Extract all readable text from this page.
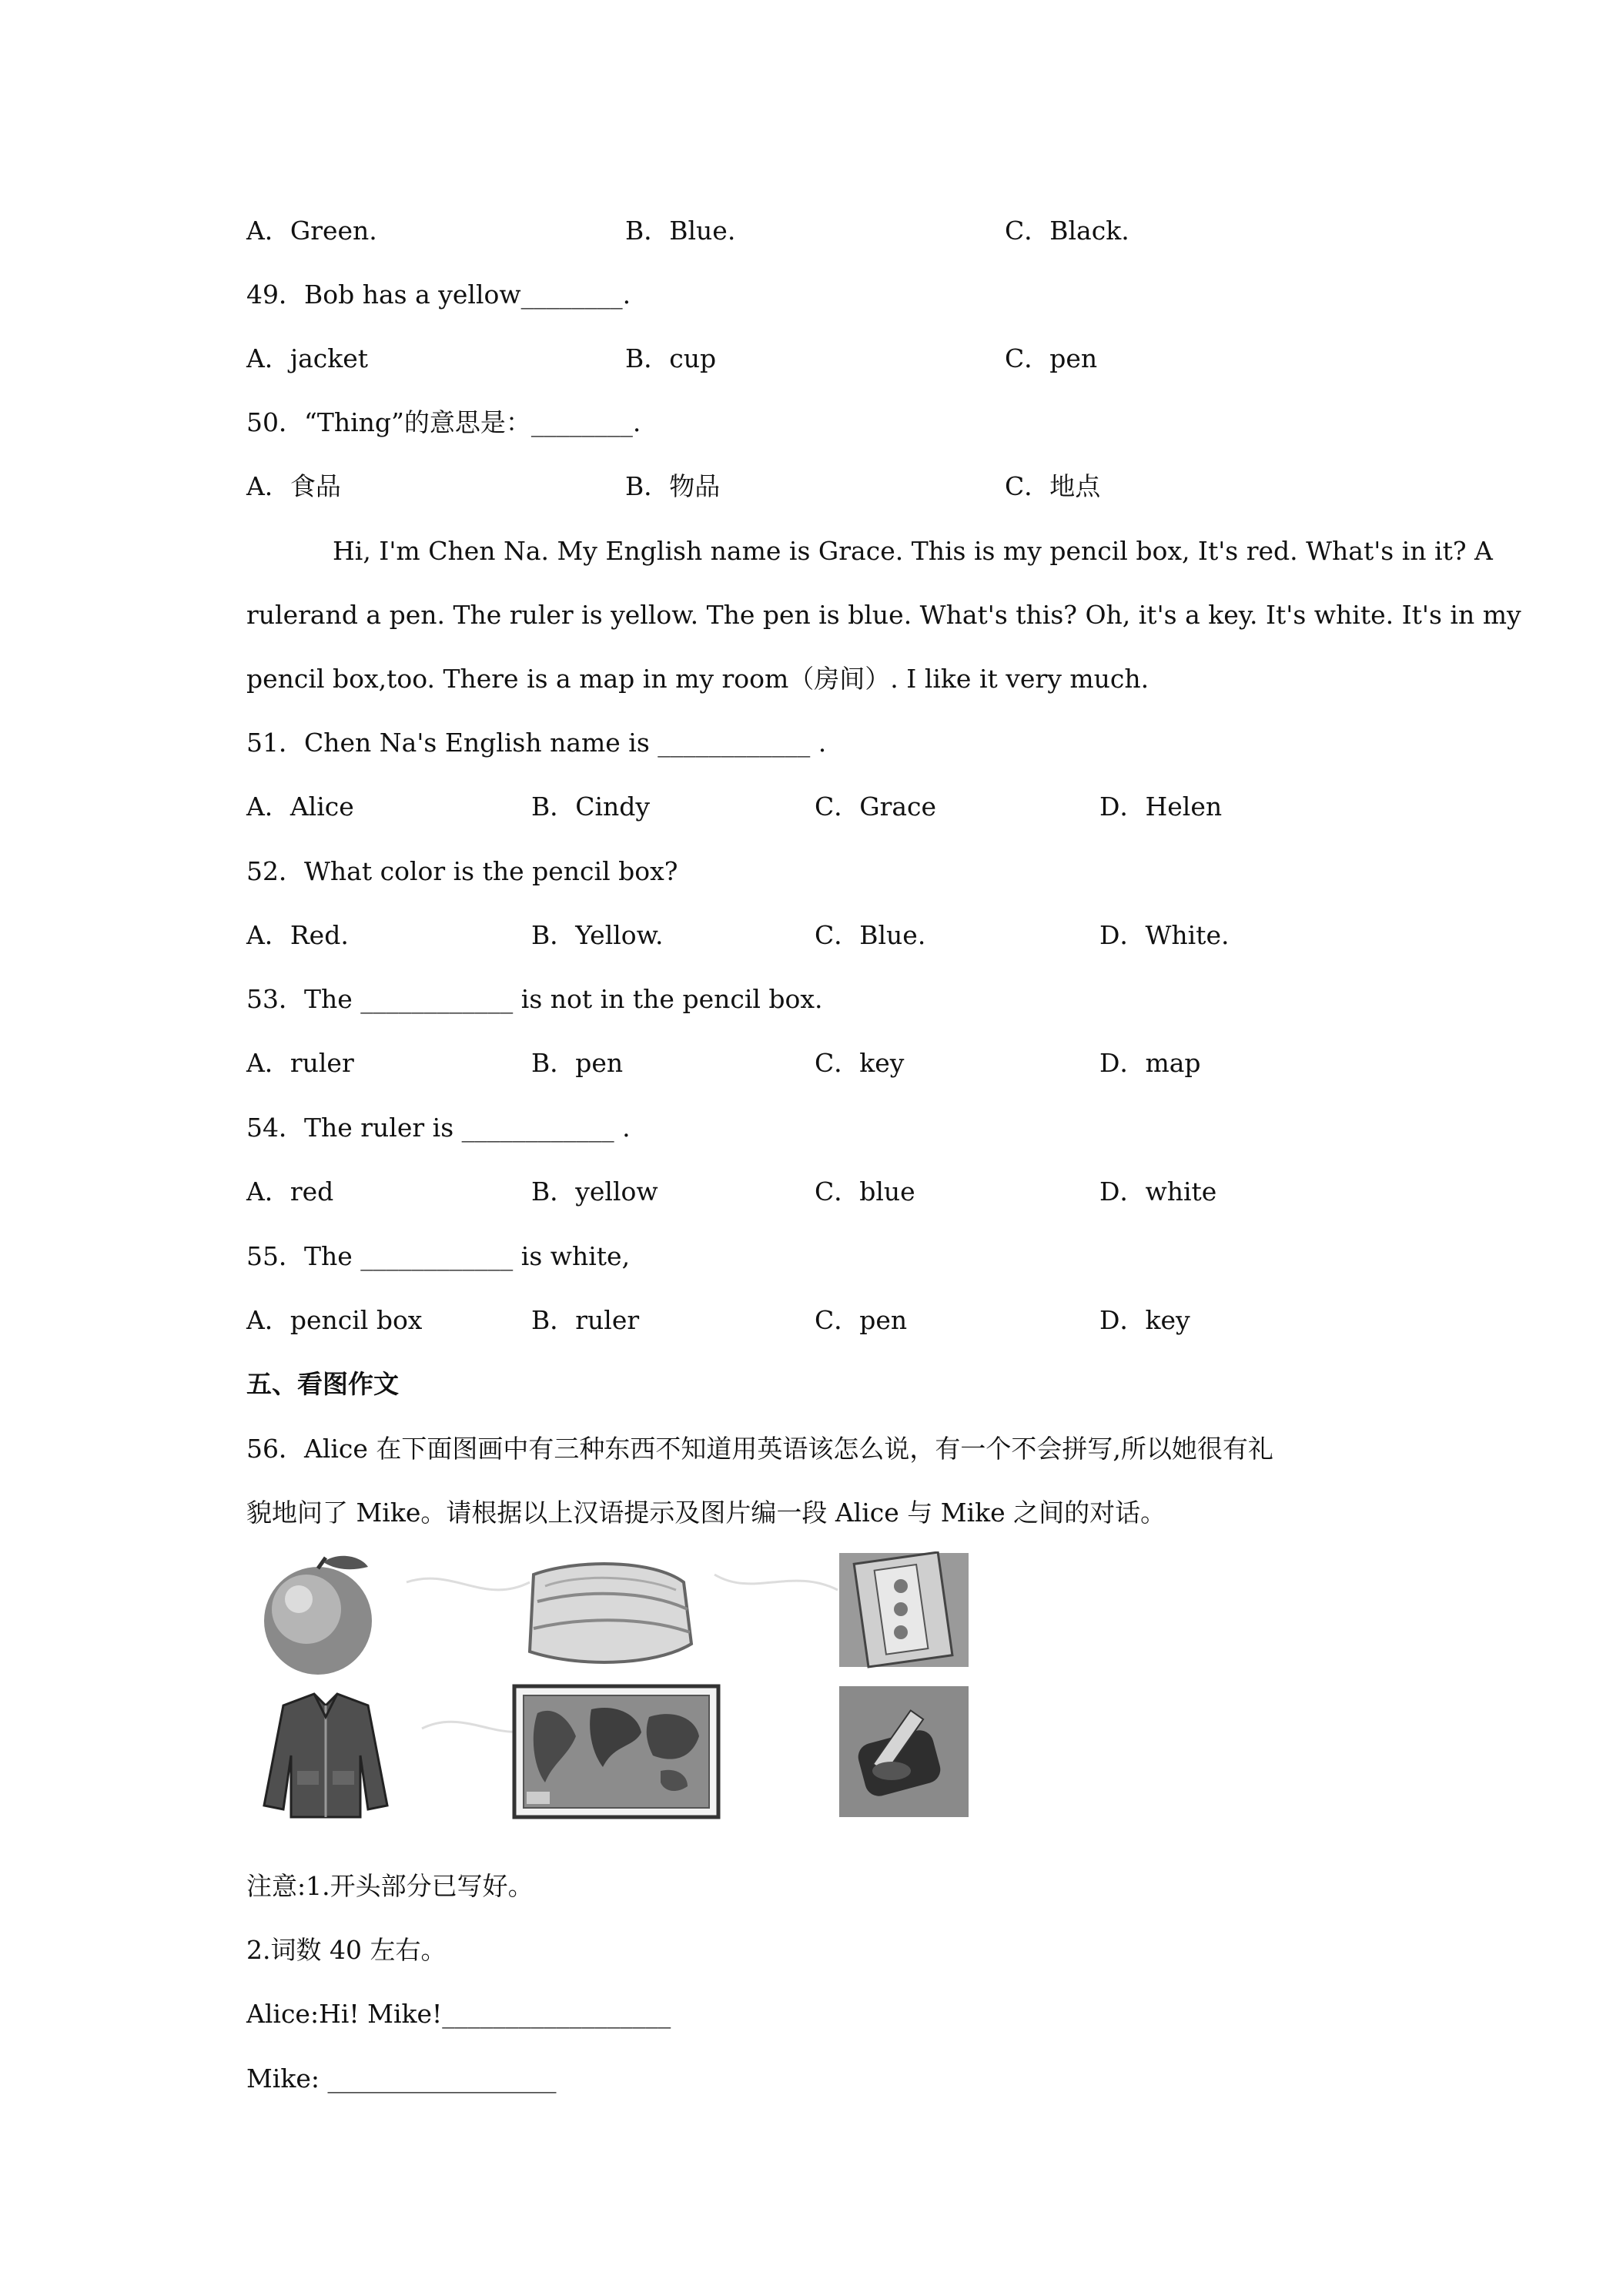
A．Green.	B．Blue.	C．Black.
49．Bob has a yellow________.
A．jacket	B．cup	C．pen
50．“Thing”的意思是：________.
A．食品	B．物品	C．地点
Hi, I'm Chen Na. My English name is Grace. This is my pencil box, It's red. What's in it? A
rulerand a pen. The ruler is yellow. The pen is blue. What's this? Oh, it's a key. It's white. It's in my
pencil box,too. There is a map in my room（房间）. I like it very much.
51．Chen Na's English name is ____________ .
A．Alice	B．Cindy	C．Grace	D．Helen
52．What color is the pencil box?
A．Red.	B．Yellow.	C．Blue.	D．White.
53．The ____________ is not in the pencil box.
A．ruler	B．pen	C．key	D．map
54．The ruler is ____________ .
A．red	B．yellow	C．blue	D．white
55．The ____________ is white,
A．pencil box	B．ruler	C．pen	D．key
五、看图作文
56．Alice 在下面图画中有三种东西不知道用英语该怎么说，有一个不会拼写,所以她很有礼
貌地问了 Mike。请根据以上汉语提示及图片编一段 Alice 与 Mike 之间的对话。
注意:1.开头部分已写好。
2.词数 40 左右。
Alice:Hi! Mike!__________________
Mike: __________________
